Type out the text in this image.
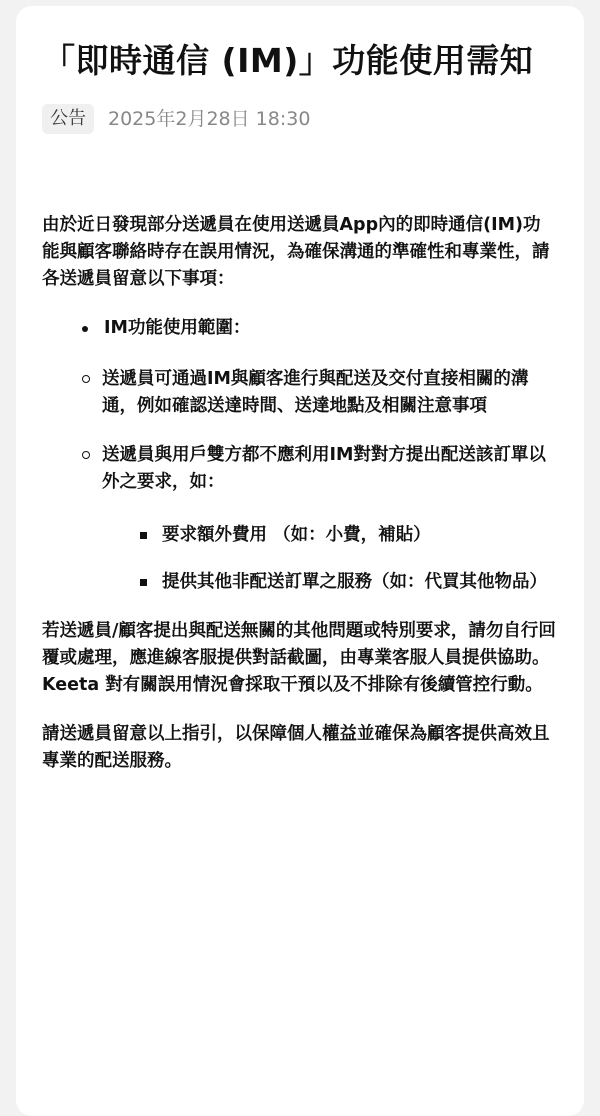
「即時通信 (IM)」功能使用需知
公告	2025年2月28日 18:30

由於近日發現部分送遞員在使用送遞員App內的即時通信(IM)功能與顧客聯絡時存在誤用情況，為確保溝通的準確性和專業性，請各送遞員留意以下事項：

IM功能使用範圍：
送遞員可通過IM與顧客進行與配送及交付直接相關的溝通，例如確認送達時間、送達地點及相關注意事項
送遞員與用戶雙方都不應利用IM對對方提出配送該訂單以外之要求，如：
要求額外費用 （如：小費，補貼）
提供其他非配送訂單之服務（如：代買其他物品）

若送遞員/顧客提出與配送無關的其他問題或特別要求，請勿自行回覆或處理，應進線客服提供對話截圖，由專業客服人員提供協助。 Keeta 對有關誤用情況會採取干預以及不排除有後續管控行動。

請送遞員留意以上指引，以保障個人權益並確保為顧客提供高效且專業的配送服務。
